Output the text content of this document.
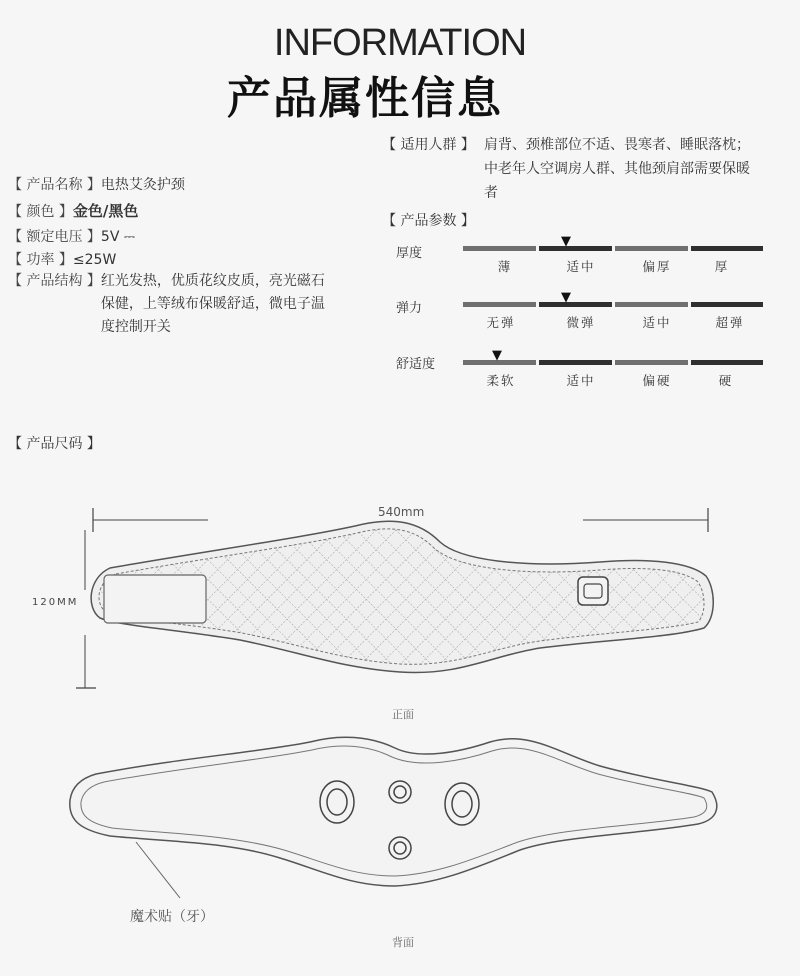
INFORMATION
产品属性信息
【 产品名称 】电热艾灸护颈
【 颜色 】金色/黑色
【 额定电压 】5V ⎓
【 功率 】≤25W
【 产品结构 】红光发热，优质花纹皮质，亮光磁石保健，上等绒布保暖舒适，微电子温度控制开关
【 适用人群 】 肩背、颈椎部位不适、畏寒者、睡眠落枕；中老年人空调房人群、其他颈肩部需要保暖者
【 产品参数 】
厚度
▼
薄	适中	偏厚	厚
弹力
▼
无弹	微弹	适中	超弹
舒适度
▼
柔软	适中	偏硬	硬
【 产品尺码 】
540mm
120MM
正面
背面
魔术贴（牙）
